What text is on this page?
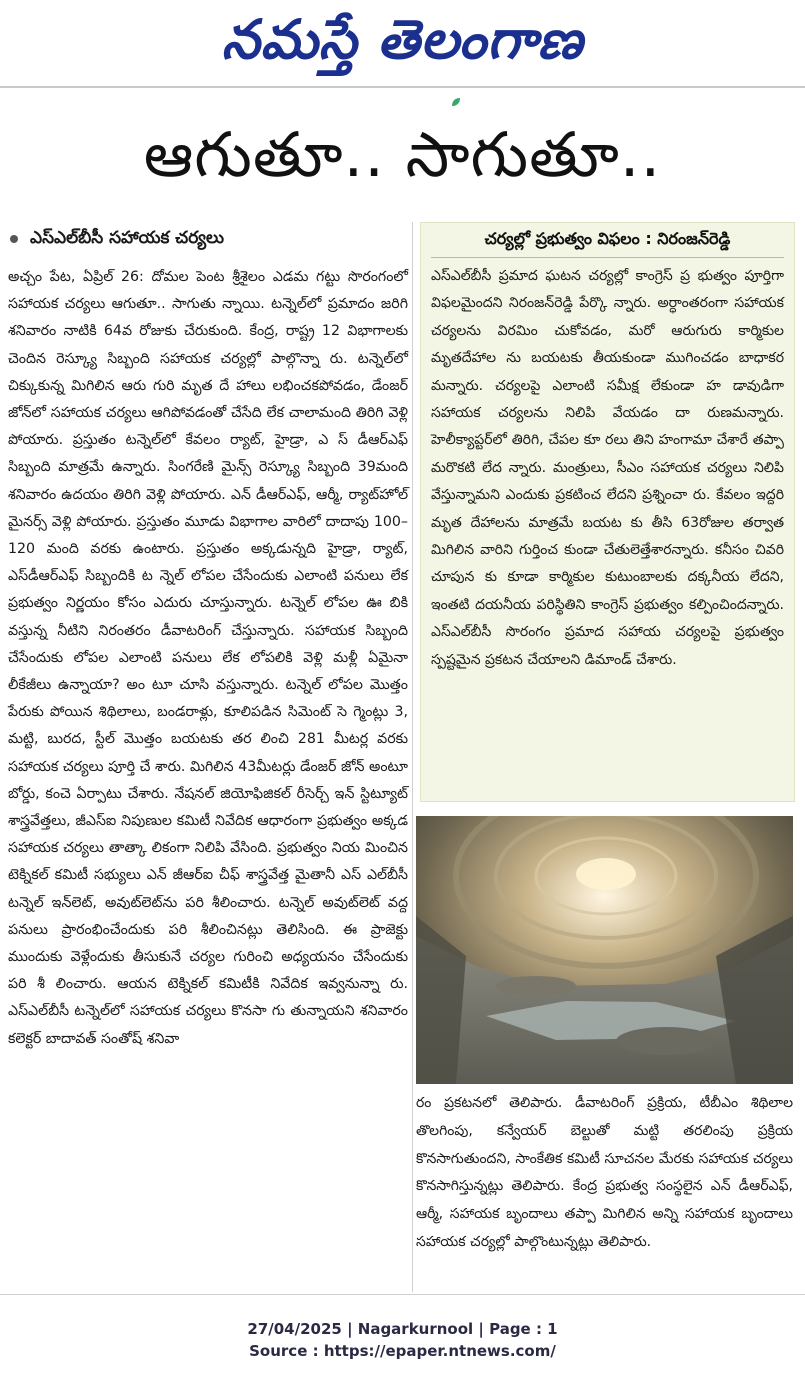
నమస్తే తెలంగాణ
ఆగుతూ.. సాగుతూ..
ఎస్ఎల్‌బీసీ సహాయక చర్యలు

అచ్చం పేట, ఏప్రిల్ 26: దోమల పెంట శ్రీశైలం ఎడమ గట్టు సొరంగంలో సహాయక చర్యలు ఆగుతూ.. సాగుతు న్నాయి. టన్నెల్‌లో ప్రమాదం జరిగి శనివారం నాటికి 64వ రోజుకు చేరుకుంది. కేంద్ర, రాష్ట్ర 12 విభాగాలకు చెందిన రెస్క్యూ సిబ్బంది సహాయక చర్యల్లో పాల్గొన్నా రు. టన్నెల్‌లో చిక్కుకున్న మిగిలిన ఆరు గురి మృత దే హాలు లభించకపోవడం, డేంజర్ జోన్‌లో సహాయక చర్యలు ఆగిపోవడంతో చేసేది లేక చాలామంది తిరిగి వెళ్లి పోయారు. ప్రస్తుతం టన్నెల్‌లో కేవలం ర్యాట్, హైడ్రా, ఎ స్ డీఆర్ఎఫ్ సిబ్బంది మాత్రమే ఉన్నారు. సింగరేణి మైన్స్ రెస్క్యూ సిబ్బంది 39మంది శనివారం ఉదయం తిరిగి వెళ్లి పోయారు. ఎన్ డీఆర్ఎఫ్, ఆర్మీ, ర్యాట్‌హోల్ మైనర్స్ వెళ్లి పోయారు. ప్రస్తుతం మూడు విభాగాల వారిలో దాదాపు 100–120 మంది వరకు ఉంటారు. ప్రస్తుతం అక్కడున్నది హైడ్రా, ర్యాట్, ఎస్‌డీఆర్ఎఫ్ సిబ్బందికి ట న్నెల్ లోపల చేసేందుకు ఎలాంటి పనులు లేక ప్రభుత్వం నిర్ణయం కోసం ఎదురు చూస్తున్నారు. టన్నెల్ లోపల ఊ బికి వస్తున్న నీటిని నిరంతరం డీవాటరింగ్ చేస్తున్నారు. సహాయక సిబ్బంది చేసేందుకు లోపల ఎలాంటి పనులు లేక లోపలికి వెళ్లి మళ్లీ ఏమైనా లీకేజీలు ఉన్నాయా? అం టూ చూసి వస్తున్నారు. టన్నెల్ లోపల మొత్తం పేరుకు పోయిన శిథిలాలు, బండరాళ్లు, కూలిపడిన సిమెంట్ సె గ్మెంట్లు 3, మట్టి, బురద, స్టీల్ మొత్తం బయటకు తర లించి 281 మీటర్ల వరకు సహాయక చర్యలు పూర్తి చే శారు. మిగిలిన 43మీటర్లు డేంజర్ జోన్ అంటూ బోర్డు, కంచె ఏర్పాటు చేశారు. నేషనల్ జియోఫిజికల్ రీసెర్చ్ ఇన్ స్టిట్యూట్ శాస్త్రవేత్తలు, జీఎస్ఐ నిపుణుల కమిటీ నివేదిక ఆధారంగా ప్రభుత్వం అక్కడ సహాయక చర్యలు తాత్కా లికంగా నిలిపి వేసింది. ప్రభుత్వం నియ మించిన టెక్నికల్ కమిటీ సభ్యులు ఎన్ జీఆర్ఐ చీఫ్ శాస్త్రవేత్త మైతానీ ఎస్ ఎల్‌బీసీ టన్నెల్ ఇన్‌లెట్, అవుట్‌లెట్‌ను పరి శీలించారు. టన్నెల్ అవుట్‌లెట్ వద్ద పనులు ప్రారంభించేందుకు పరి శీలించినట్లు తెలిసింది. ఈ ప్రాజెక్టు ముందుకు వెళ్లేందుకు తీసుకునే చర్యల గురించి అధ్యయనం చేసేందుకు పరి శీ లించారు. ఆయన టెక్నికల్ కమిటీకి నివేదిక ఇవ్వనున్నా రు. ఎస్ఎల్‌బీసీ టన్నెల్‌లో సహాయక చర్యలు కొనసా గు తున్నాయని శనివారం కలెక్టర్ బాదావత్ సంతోష్ శనివా

చర్యల్లో ప్రభుత్వం విఫలం : నిరంజన్‌రెడ్డి
ఎస్ఎల్‌బీసీ ప్రమాద ఘటన చర్యల్లో కాంగ్రెస్ ప్ర భుత్వం పూర్తిగా విఫలమైందని నిరంజన్‌రెడ్డి పేర్కొ న్నారు. అర్ధాంతరంగా సహాయక చర్యలను విరమిం చుకోవడం, మరో ఆరుగురు కార్మికుల మృతదేహాల ను బయటకు తీయకుండా ముగించడం బాధాకర మన్నారు. చర్యలపై ఎలాంటి సమీక్ష లేకుండా హ డావుడిగా సహాయక చర్యలను నిలిపి వేయడం దా రుణమన్నారు. హెలీక్యాప్టర్‌లో తిరిగి, చేపల కూ రలు తిని హంగామా చేశారే తప్పా మరొకటి లేద న్నారు. మంత్రులు, సీఎం సహాయక చర్యలు నిలిపి వేస్తున్నామని ఎందుకు ప్రకటించ లేదని ప్రశ్నించా రు. కేవలం ఇద్దరి మృత దేహాలను మాత్రమే బయట కు తీసి 63రోజుల తర్వాత మిగిలిన వారిని గుర్తించ కుండా చేతులెత్తేశారన్నారు. కనీసం చివరి చూపున కు కూడా కార్మికుల కుటుంబాలకు దక్కనీయ లేదని, ఇంతటి దయనీయ పరిస్థితిని కాంగ్రెస్ ప్రభుత్వం కల్పించిందన్నారు. ఎస్ఎల్‌బీసీ సొరంగం ప్రమాద సహాయ చర్యలపై ప్రభుత్వం స్పష్టమైన ప్రకటన చేయాలని డిమాండ్ చేశారు.
రం ప్రకటనలో తెలిపారు. డీవాటరింగ్ ప్రక్రియ, టీబీఎం శిథిలాల తొలగింపు, కన్వేయర్ బెల్టుతో మట్టి తరలింపు ప్రక్రియ కొనసాగుతుందని, సాంకేతిక కమిటీ సూచనల మేరకు సహాయక చర్యలు కొనసాగిస్తున్నట్లు తెలిపారు. కేంద్ర ప్రభుత్వ సంస్థలైన ఎన్ డీఆర్ఎఫ్, ఆర్మీ, సహాయక బృందాలు తప్పా మిగిలిన అన్ని సహాయక బృందాలు సహాయక చర్యల్లో పాల్గొంటున్నట్లు తెలిపారు.
27/04/2025 | Nagarkurnool | Page : 1
Source : https://epaper.ntnews.com/
